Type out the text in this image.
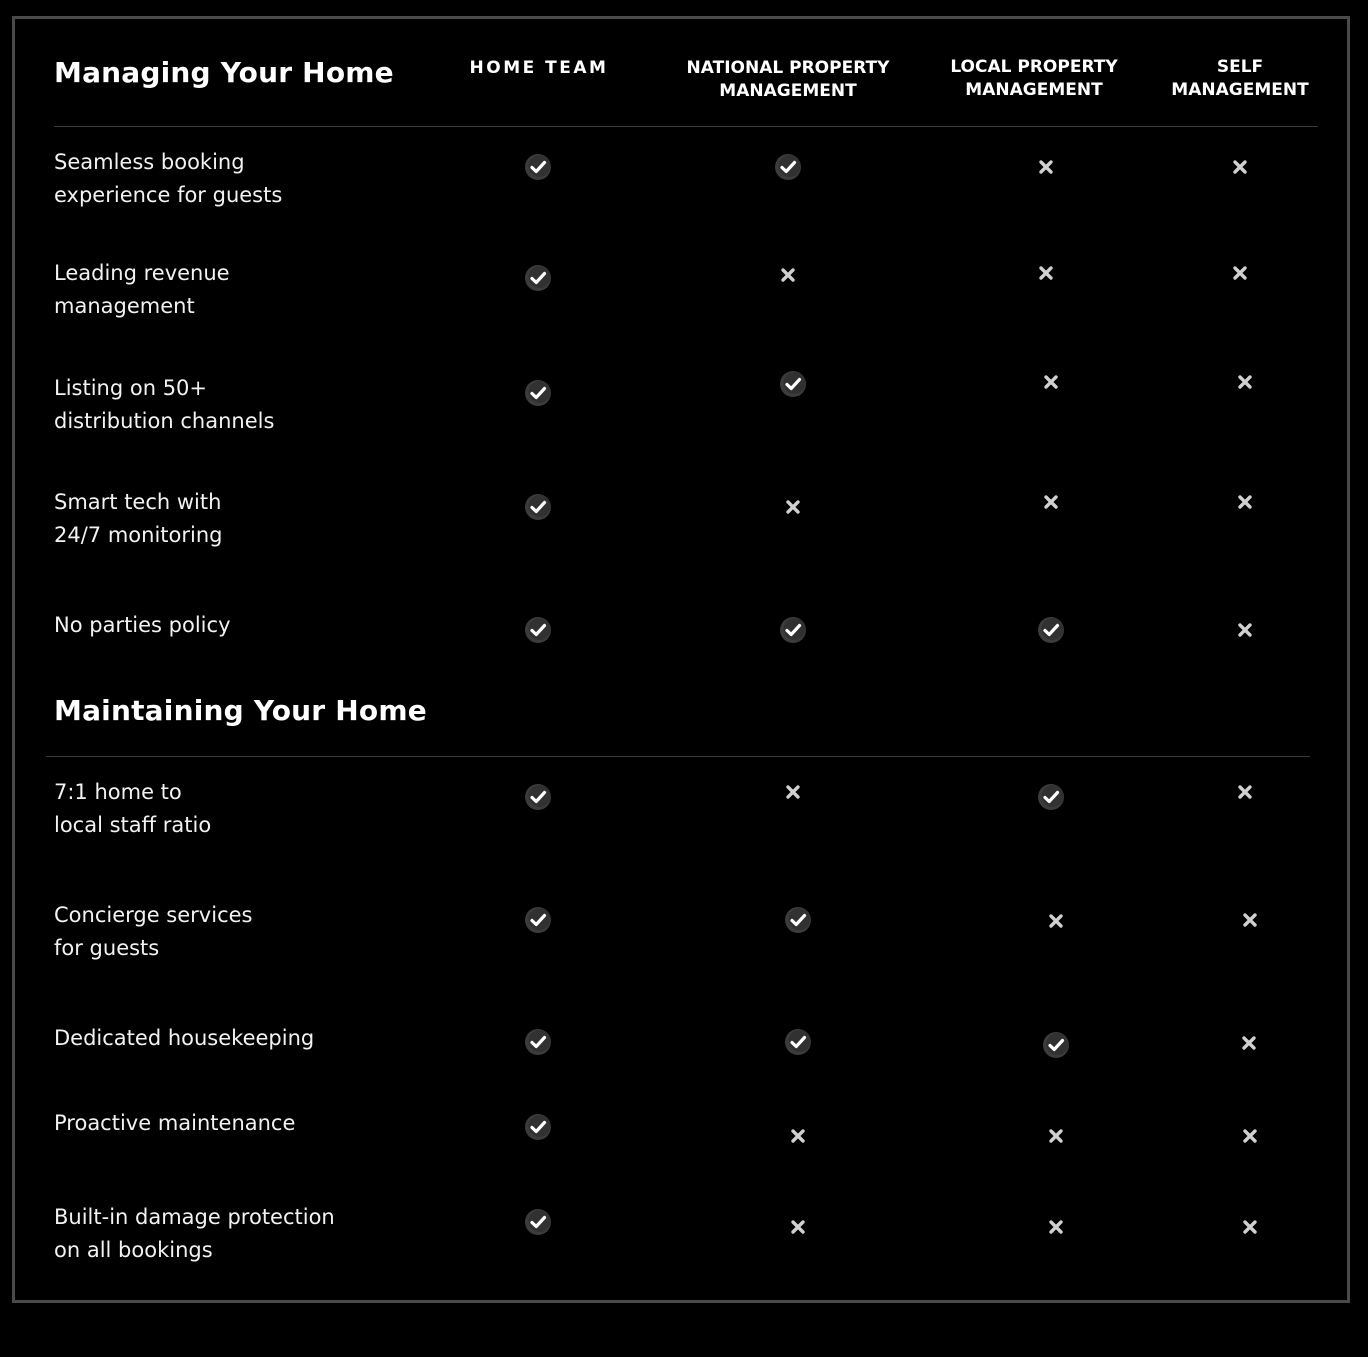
Managing Your Home	HOME TEAM	NATIONAL PROPERTY
MANAGEMENT
LOCAL PROPERTY
MANAGEMENT
SELF
MANAGEMENT
Seamless booking
experience for guests
Leading revenue
management
Listing on 50+
distribution channels
Smart tech with
24/7 monitoring
No parties policy
Maintaining Your Home
7:1 home to
local staff ratio
Concierge services
for guests
Dedicated housekeeping
Proactive maintenance
Built-in damage protection
on all bookings
